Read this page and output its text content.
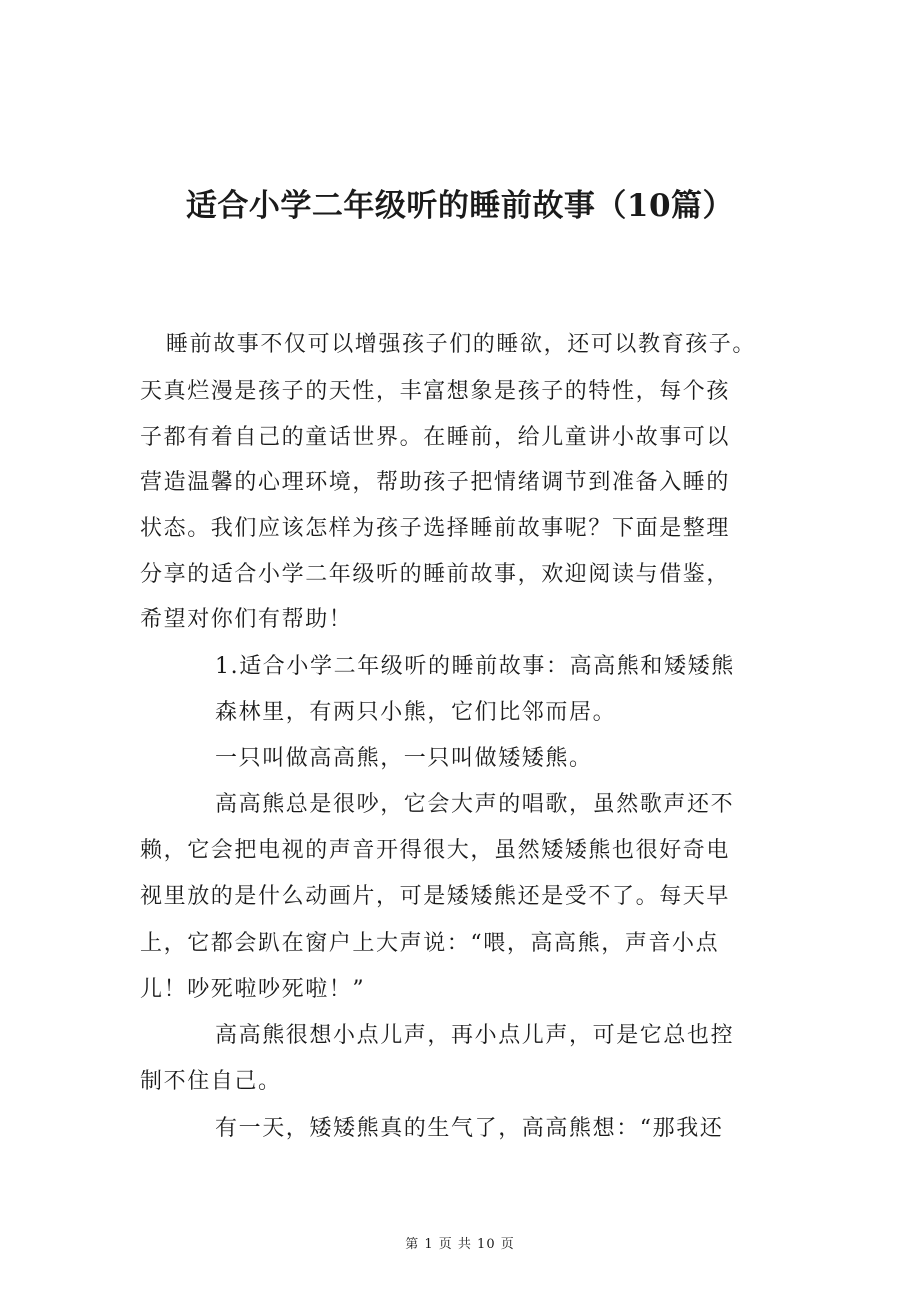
适合小学二年级听的睡前故事（10篇）

睡前故事不仅可以增强孩子们的睡欲，还可以教育孩子。

天真烂漫是孩子的天性，丰富想象是孩子的特性，每个孩

子都有着自己的童话世界。在睡前，给儿童讲小故事可以

营造温馨的心理环境，帮助孩子把情绪调节到准备入睡的

状态。我们应该怎样为孩子选择睡前故事呢？下面是整理

分享的适合小学二年级听的睡前故事，欢迎阅读与借鉴，

希望对你们有帮助！

1.适合小学二年级听的睡前故事：高高熊和矮矮熊

森林里，有两只小熊，它们比邻而居。

一只叫做高高熊，一只叫做矮矮熊。

高高熊总是很吵，它会大声的唱歌，虽然歌声还不

赖，它会把电视的声音开得很大，虽然矮矮熊也很好奇电

视里放的是什么动画片，可是矮矮熊还是受不了。每天早

上，它都会趴在窗户上大声说：“喂，高高熊，声音小点

儿！吵死啦吵死啦！”

高高熊很想小点儿声，再小点儿声，可是它总也控

制不住自己。

有一天，矮矮熊真的生气了，高高熊想：“那我还

第 1 页 共 10 页
